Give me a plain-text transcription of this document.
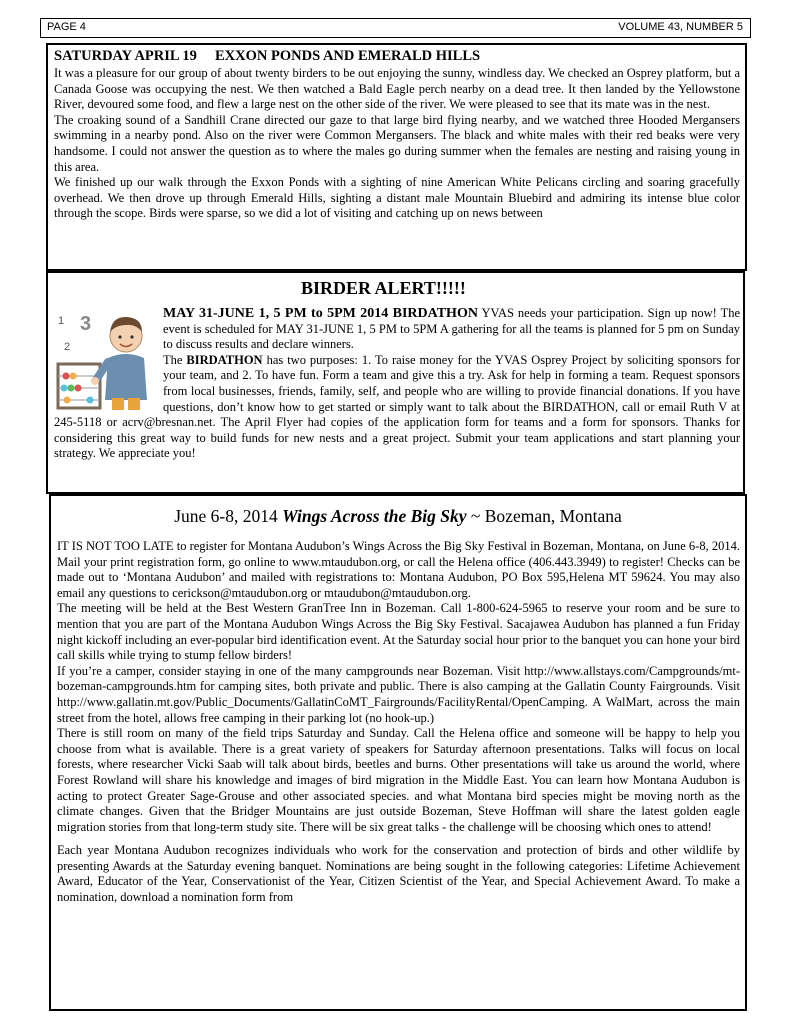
PAGE 4	VOLUME 43, NUMBER 5
SATURDAY APRIL 19     EXXON PONDS AND EMERALD HILLS

It was a pleasure for our group of about twenty birders to be out enjoying the sunny, windless day. We checked an Osprey platform, but a Canada Goose was occupying the nest. We then watched a Bald Eagle perch nearby on a dead tree. It then landed by the Yellowstone River, devoured some food, and flew a large nest on the other side of the river. We were pleased to see that its mate was in the nest.

The croaking sound of a Sandhill Crane directed our gaze to that large bird flying nearby, and we watched three Hooded Mergansers swimming in a nearby pond. Also on the river were Common Mergansers. The black and white males with their red beaks were very handsome. I could not answer the question as to where the males go during summer when the females are nesting and raising young in this area.

We finished up our walk through the Exxon Ponds with a sighting of nine American White Pelicans circling and soaring gracefully overhead. We then drove up through Emerald Hills, sighting a distant male Mountain Bluebird and admiring its intense blue color through the scope. Birds were sparse, so we did a lot of visiting and catching up on news between

BIRDER ALERT!!!!!
1
2
3	MAY 31-JUNE 1, 5 PM to 5PM 2014 BIRDATHON YVAS needs your participation. Sign up now! The event is scheduled for MAY 31-JUNE 1, 5 PM to 5PM A gathering for all the teams is planned for 5 pm on Sunday to discuss results and declare winners.

The BIRDATHON has two purposes: 1. To raise money for the YVAS Osprey Project by soliciting sponsors for your team, and 2. To have fun. Form a team and give this a try. Ask for help in forming a team. Request sponsors from local businesses, friends, family, self, and people who are willing to provide financial donations. If you have questions, don’t know how to get started or simply want to talk about the BIRDATHON, call or email Ruth V at 245-5118 or acrv@bresnan.net. The April Flyer had copies of the application form for teams and a form for sponsors. Thanks for considering this great way to build funds for new nests and a great project. Submit your team applications and start planning your strategy. We appreciate you!

June 6-8, 2014 Wings Across the Big Sky ~ Bozeman, Montana

IT IS NOT TOO LATE to register for Montana Audubon’s Wings Across the Big Sky Festival in Bozeman, Montana, on June 6-8, 2014. Mail your print registration form, go online to www.mtaudubon.org, or call the Helena office (406.443.3949) to register! Checks can be made out to ‘Montana Audubon’ and mailed with registrations to: Montana Audubon, PO Box 595,Helena MT 59624. You may also email any questions to cerickson@mtaudubon.org or mtaudubon@mtaudubon.org.

The meeting will be held at the Best Western GranTree Inn in Bozeman. Call 1-800-624-5965 to reserve your room and be sure to mention that you are part of the Montana Audubon Wings Across the Big Sky Festival. Sacajawea Audubon has planned a fun Friday night kickoff including an ever-popular bird identification event. At the Saturday social hour prior to the banquet you can hone your bird call skills while trying to stump fellow birders!

If you’re a camper, consider staying in one of the many campgrounds near Bozeman. Visit http://www.allstays.com/Campgrounds/mt-bozeman-campgrounds.htm for camping sites, both private and public. There is also camping at the Gallatin County Fairgrounds. Visit http://www.gallatin.mt.gov/Public_Documents/GallatinCoMT_Fairgrounds/FacilityRental/OpenCamping. A WalMart, across the main street from the hotel, allows free camping in their parking lot (no hook-up.)

There is still room on many of the field trips Saturday and Sunday. Call the Helena office and someone will be happy to help you choose from what is available. There is a great variety of speakers for Saturday afternoon presentations. Talks will focus on local forests, where researcher Vicki Saab will talk about birds, beetles and burns. Other presentations will take us around the world, where Forest Rowland will share his knowledge and images of bird migration in the Middle East. You can learn how Montana Audubon is acting to protect Greater Sage-Grouse and other associated species. and what Montana bird species might be moving north as the climate changes. Given that the Bridger Mountains are just outside Bozeman, Steve Hoffman will share the latest golden eagle migration stories from that long-term study site. There will be six great talks - the challenge will be choosing which ones to attend!

Each year Montana Audubon recognizes individuals who work for the conservation and protection of birds and other wildlife by presenting Awards at the Saturday evening banquet. Nominations are being sought in the following categories: Lifetime Achievement Award, Educator of the Year, Conservationist of the Year, Citizen Scientist of the Year, and Special Achievement Award. To make a nomination, download a nomination form from
